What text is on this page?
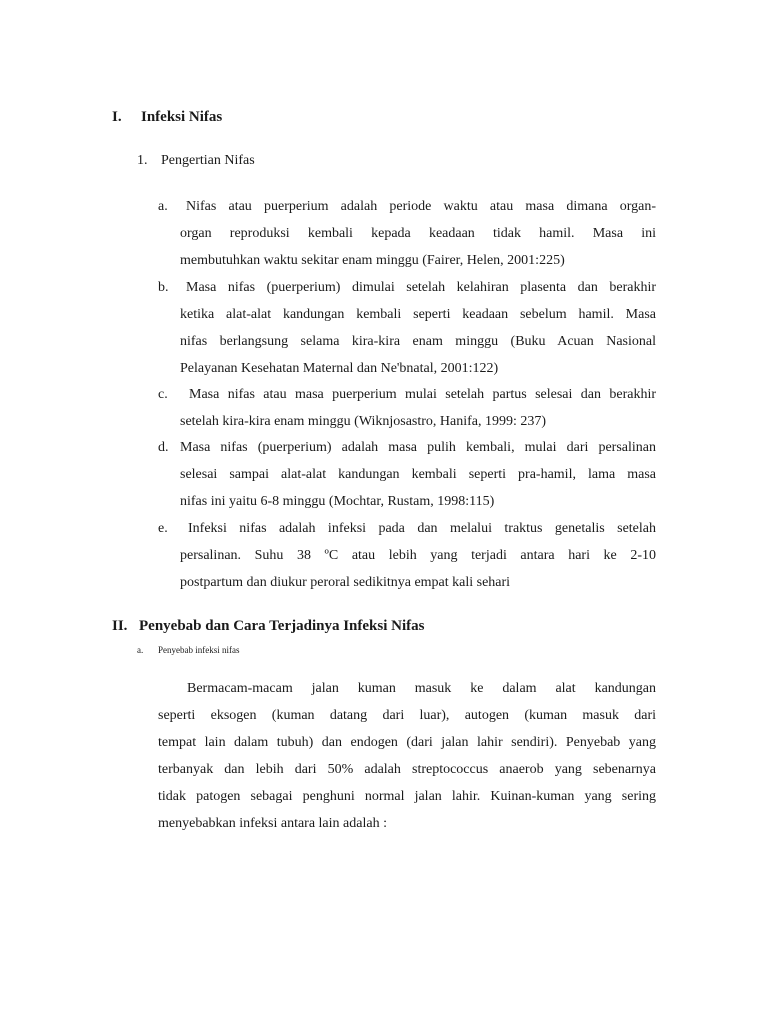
I. Infeksi Nifas
1. Pengertian Nifas
a.	Nifas atau puerperium adalah periode waktu atau masa dimana organ-
organ reproduksi kembali kepada keadaan tidak hamil. Masa ini
membutuhkan waktu sekitar enam minggu (Fairer, Helen, 2001:225)
b.	Masa nifas (puerperium) dimulai setelah kelahiran plasenta dan berakhir
ketika alat-alat kandungan kembali seperti keadaan sebelum hamil. Masa
nifas berlangsung selama kira-kira enam minggu (Buku Acuan Nasional
Pelayanan Kesehatan Maternal dan Ne'bnatal, 2001:122)
c.	Masa nifas atau masa puerperium mulai setelah partus selesai dan berakhir
setelah kira-kira enam minggu (Wiknjosastro, Hanifa, 1999: 237)
d. Masa nifas (puerperium) adalah masa pulih kembali, mulai dari persalinan
selesai sampai alat-alat kandungan kembali seperti pra-hamil, lama masa
nifas ini yaitu 6-8 minggu (Mochtar, Rustam, 1998:115)
e.	Infeksi nifas adalah infeksi pada dan melalui traktus genetalis setelah
persalinan. Suhu 38 ºC atau lebih yang terjadi antara hari ke 2-10
postpartum dan diukur peroral sedikitnya empat kali sehari
II. Penyebab dan Cara Terjadinya Infeksi Nifas
a. Penyebab infeksi nifas
Bermacam-macam jalan kuman masuk ke dalam alat kandungan
seperti eksogen (kuman datang dari luar), autogen (kuman masuk dari
tempat lain dalam tubuh) dan endogen (dari jalan lahir sendiri). Penyebab yang
terbanyak dan lebih dari 50% adalah streptococcus anaerob yang sebenarnya
tidak patogen sebagai penghuni normal jalan lahir. Kuinan-kuman yang sering
menyebabkan infeksi antara lain adalah :
